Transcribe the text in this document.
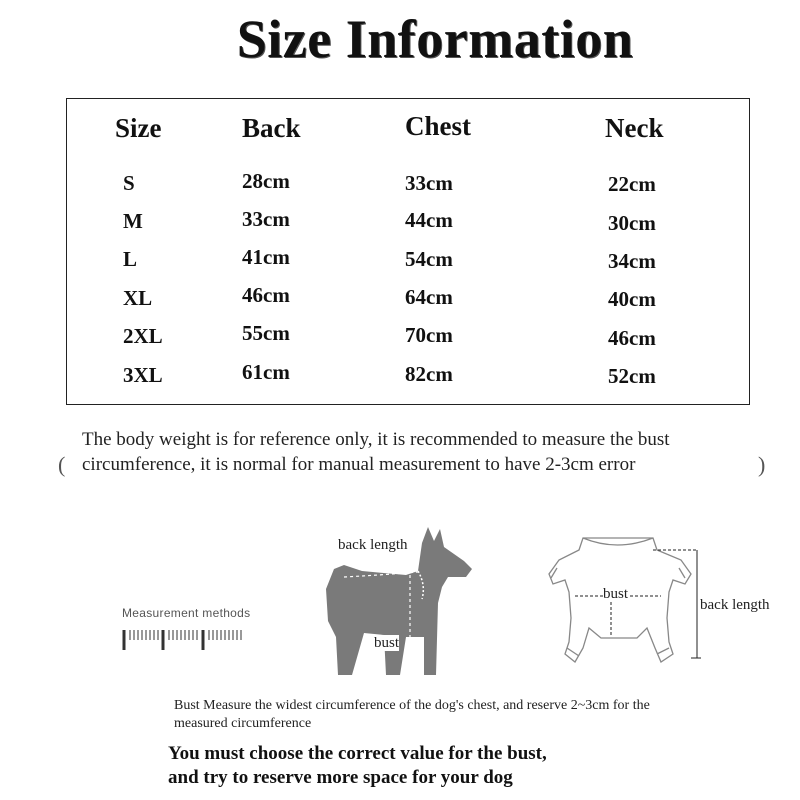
Size Information
Size	Back	Chest	Neck
S	28cm	33cm	22cm
M	33cm	44cm	30cm
L	41cm	54cm	34cm
XL	46cm	64cm	40cm
2XL	55cm	70cm	46cm
3XL	61cm	82cm	52cm
(
The body weight is for reference only, it is recommended to measure the bust circumference, it is normal for manual measurement to have 2-3cm error	)
Measurement methods
back length
bust
bust
back length
Bust Measure the widest circumference of the dog's chest, and reserve 2~3cm for the measured circumference
You must choose the correct value for the bust,
and try to reserve more space for your dog
